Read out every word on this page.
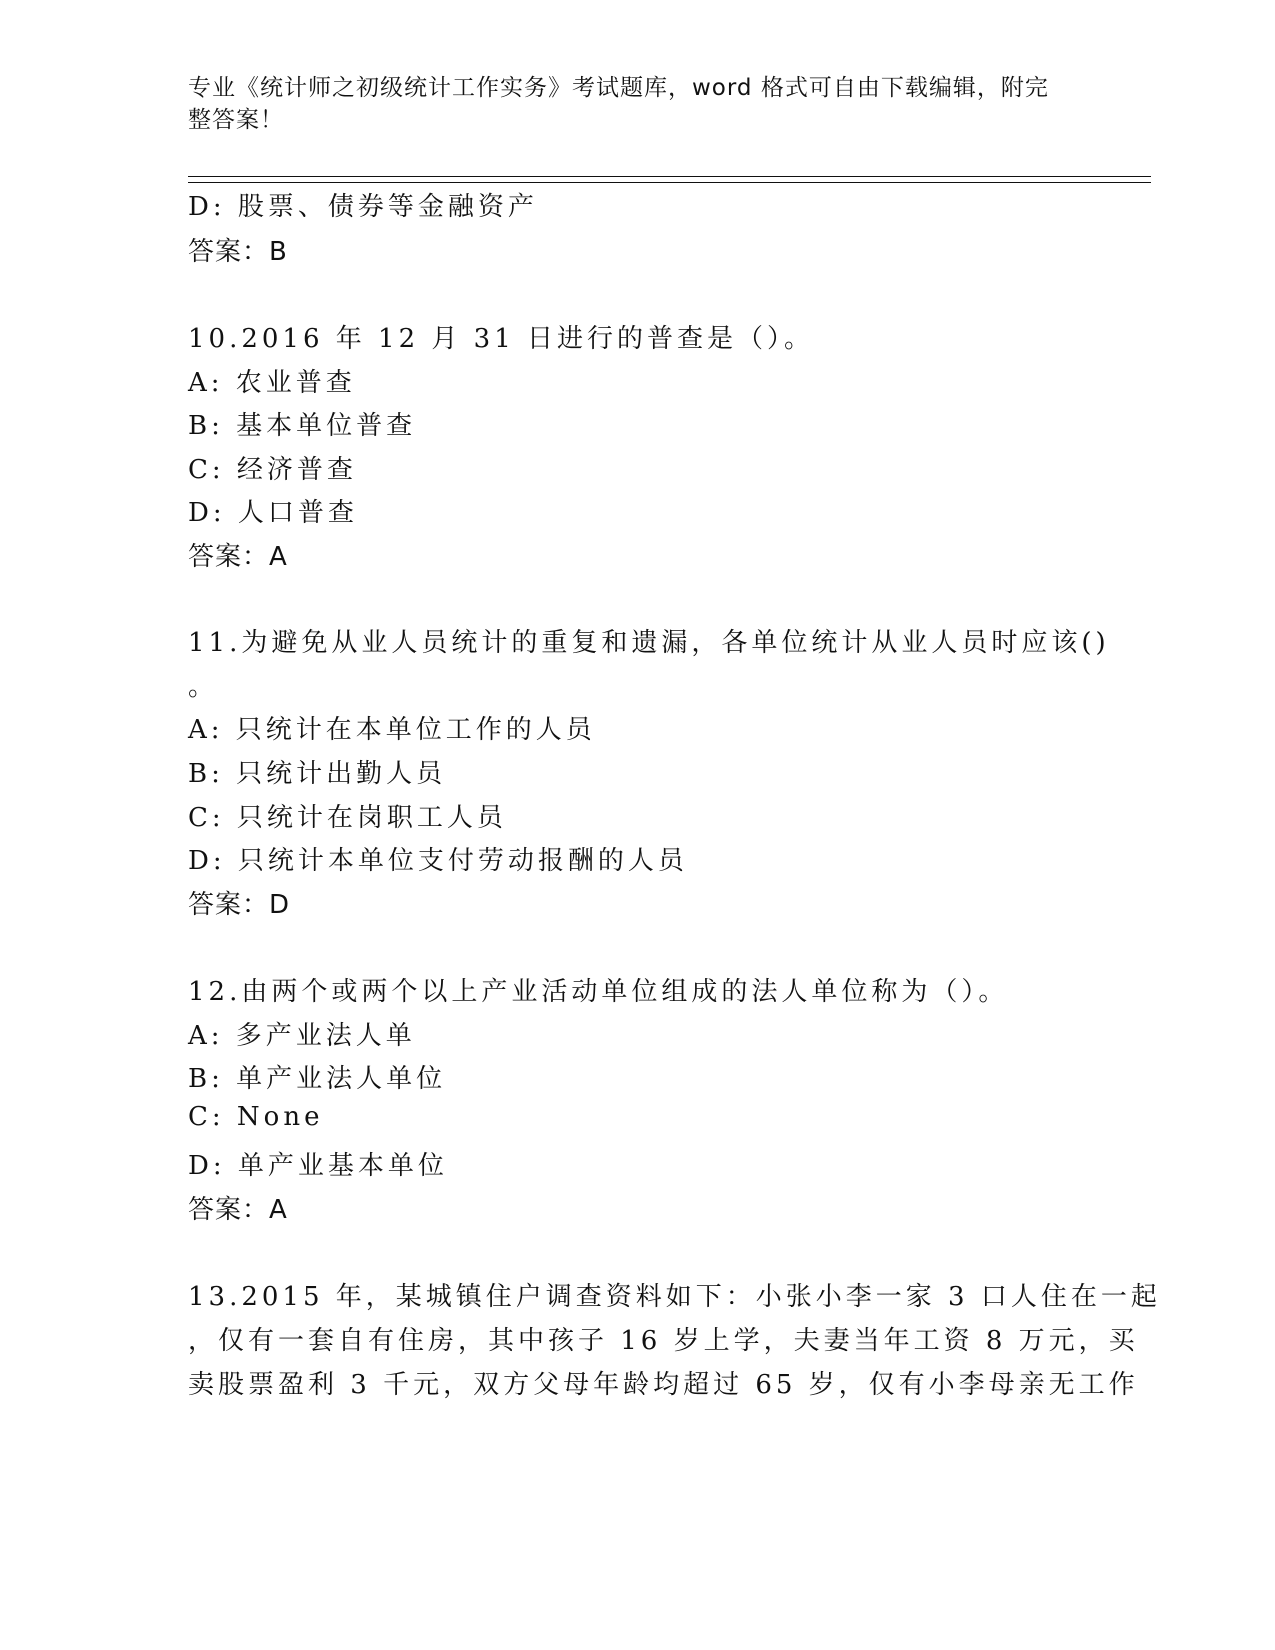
专业《统计师之初级统计工作实务》考试题库，word 格式可自由下载编辑，附完
整答案！
D: 股票、债券等金融资产
答案：B
10.2016 年 12 月 31 日进行的普查是（）。
A: 农业普查
B: 基本单位普查
C: 经济普查
D: 人口普查
答案：A
11.为避免从业人员统计的重复和遗漏，各单位统计从业人员时应该()
。
A: 只统计在本单位工作的人员
B: 只统计出勤人员
C: 只统计在岗职工人员
D: 只统计本单位支付劳动报酬的人员
答案：D
12.由两个或两个以上产业活动单位组成的法人单位称为（）。
A: 多产业法人单
B: 单产业法人单位
C: None
D: 单产业基本单位
答案：A
13.2015 年，某城镇住户调查资料如下：小张小李一家 3 口人住在一起
，仅有一套自有住房，其中孩子 16 岁上学，夫妻当年工资 8 万元，买
卖股票盈利 3 千元，双方父母年龄均超过 65 岁，仅有小李母亲无工作
